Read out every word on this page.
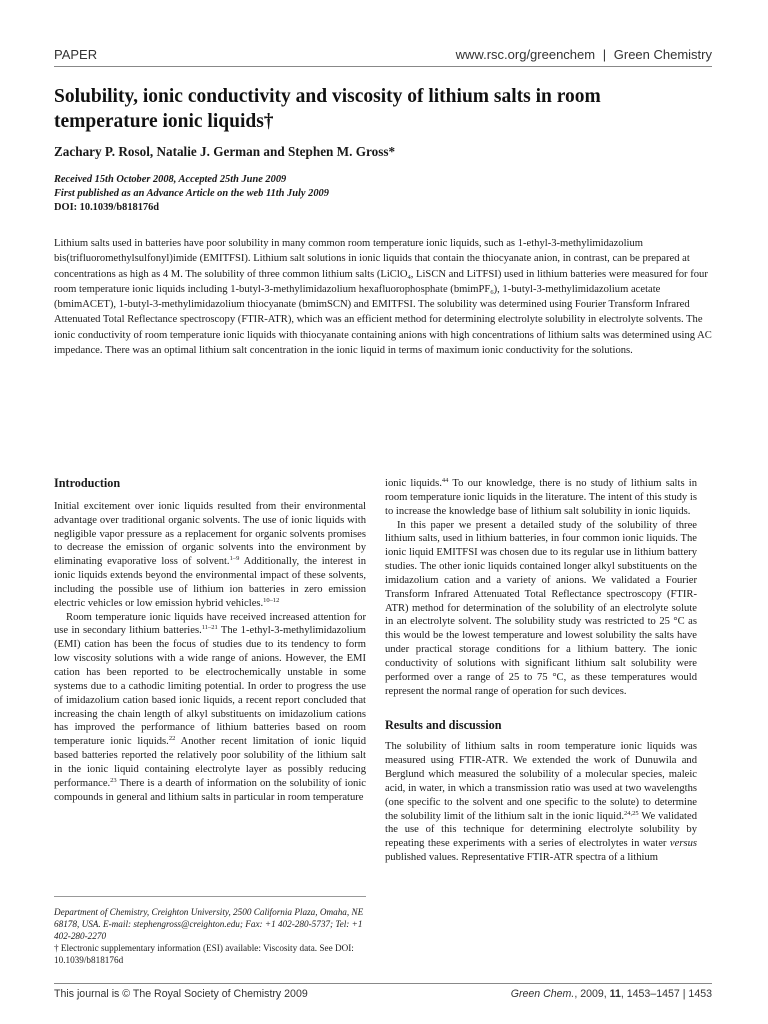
PAPER	www.rsc.org/greenchem | Green Chemistry
Solubility, ionic conductivity and viscosity of lithium salts in room temperature ionic liquids†
Zachary P. Rosol, Natalie J. German and Stephen M. Gross*
Received 15th October 2008, Accepted 25th June 2009
First published as an Advance Article on the web 11th July 2009
DOI: 10.1039/b818176d
Lithium salts used in batteries have poor solubility in many common room temperature ionic liquids, such as 1-ethyl-3-methylimidazolium bis(trifluoromethylsulfonyl)imide (EMITFSI). Lithium salt solutions in ionic liquids that contain the thiocyanate anion, in contrast, can be prepared at concentrations as high as 4 M. The solubility of three common lithium salts (LiClO$_4$, LiSCN and LiTFSI) used in lithium batteries were measured for four room temperature ionic liquids including 1-butyl-3-methylimidazolium hexafluorophosphate (bmimPF$_6$), 1-butyl-3-methylimidazolium acetate (bmimACET), 1-butyl-3-methylimidazolium thiocyanate (bmimSCN) and EMITFSI. The solubility was determined using Fourier Transform Infrared Attenuated Total Reflectance spectroscopy (FTIR-ATR), which was an efficient method for determining electrolyte solubility in electrolyte solvents. The ionic conductivity of room temperature ionic liquids with thiocyanate containing anions with high concentrations of lithium salts was determined using AC impedance. There was an optimal lithium salt concentration in the ionic liquid in terms of maximum ionic conductivity for the solutions.

Introduction

Initial excitement over ionic liquids resulted from their environmental advantage over traditional organic solvents. The use of ionic liquids with negligible vapor pressure as a replacement for organic solvents promises to decrease the emission of organic solvents into the environment by eliminating evaporative loss of solvent.$^{1-9}$ Additionally, the interest in ionic liquids extends beyond the environmental impact of these solvents, including the possible use of lithium ion batteries in zero emission electric vehicles or low emission hybrid vehicles.$^{10-12}$

Room temperature ionic liquids have received increased attention for use in secondary lithium batteries.$^{11-21}$ The 1-ethyl-3-methylimidazolium (EMI) cation has been the focus of studies due to its tendency to form low viscosity solutions with a wide range of anions. However, the EMI cation has been reported to be electrochemically unstable in some systems due to a cathodic limiting potential. In order to progress the use of imidazolium cation based ionic liquids, a recent report concluded that increasing the chain length of alkyl substituents on imidazolium cations has improved the performance of lithium batteries based on room temperature ionic liquids.$^{22}$ Another recent limitation of ionic liquid based batteries reported the relatively poor solubility of the lithium salt in the ionic liquid containing electrolyte layer as possibly reducing performance.$^{23}$ There is a dearth of information on the solubility of ionic compounds in general and lithium salts in particular in room temperature

Department of Chemistry, Creighton University, 2500 California Plaza, Omaha, NE 68178, USA. E-mail: stephengross@creighton.edu; Fax: +1 402-280-5737; Tel: +1 402-280-2270
† Electronic supplementary information (ESI) available: Viscosity data. See DOI: 10.1039/b818176d

ionic liquids.$^{44}$ To our knowledge, there is no study of lithium salts in room temperature ionic liquids in the literature. The intent of this study is to increase the knowledge base of lithium salt solubility in ionic liquids.

In this paper we present a detailed study of the solubility of three lithium salts, used in lithium batteries, in four common ionic liquids. The ionic liquid EMITFSI was chosen due to its regular use in lithium battery studies. The other ionic liquids contained longer alkyl substituents on the imidazolium cation and a variety of anions. We validated a Fourier Transform Infrared Attenuated Total Reflectance spectroscopy (FTIR-ATR) method for determination of the solubility of an electrolyte solute in an electrolyte solvent. The solubility study was restricted to 25 °C as this would be the lowest temperature and lowest solubility the salts have under practical storage conditions for a lithium battery. The ionic conductivity of solutions with significant lithium salt solubility were performed over a range of 25 to 75 °C, as these temperatures would represent the normal range of operation for such devices.

Results and discussion

The solubility of lithium salts in room temperature ionic liquids was measured using FTIR-ATR. We extended the work of Dunuwila and Berglund which measured the solubility of a molecular species, maleic acid, in water, in which a transmission ratio was used at two wavelengths (one specific to the solvent and one specific to the solute) to determine the solubility limit of the lithium salt in the ionic liquid.$^{24,25}$ We validated the use of this technique for determining electrolyte solubility by repeating these experiments with a series of electrolytes in water versus published values. Representative FTIR-ATR spectra of a lithium

This journal is © The Royal Society of Chemistry 2009	Green Chem., 2009, 11, 1453–1457 | 1453
